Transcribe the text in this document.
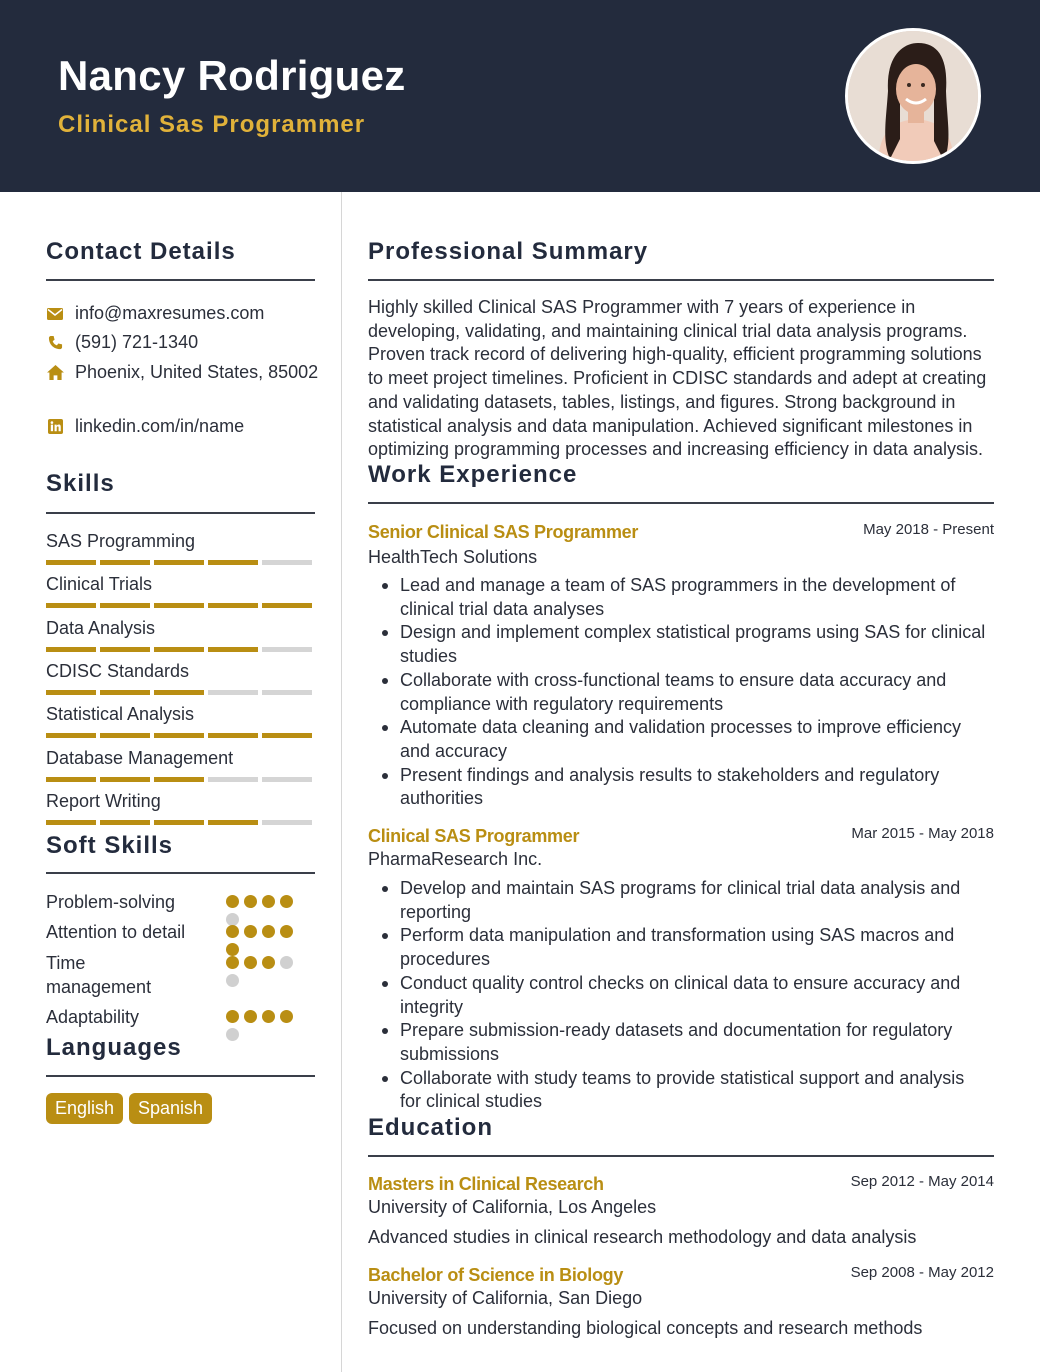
Nancy Rodriguez
Clinical Sas Programmer
Contact Details
info@maxresumes.com
(591) 721-1340
Phoenix, United States, 85002
linkedin.com/in/name
Skills
SAS Programming
Clinical Trials
Data Analysis
CDISC Standards
Statistical Analysis
Database Management
Report Writing
Soft Skills
Problem-solving
Attention to detail
Time management
Adaptability
Languages
English	Spanish
Professional Summary
Highly skilled Clinical SAS Programmer with 7 years of experience in developing, validating, and maintaining clinical trial data analysis programs. Proven track record of delivering high-quality, efficient programming solutions to meet project timelines. Proficient in CDISC standards and adept at creating and validating datasets, tables, listings, and figures. Strong background in statistical analysis and data manipulation. Achieved significant milestones in optimizing programming processes and increasing efficiency in data analysis.
Work Experience
Senior Clinical SAS Programmer	May 2018 - Present
HealthTech Solutions
Lead and manage a team of SAS programmers in the development of clinical trial data analyses
Design and implement complex statistical programs using SAS for clinical studies
Collaborate with cross-functional teams to ensure data accuracy and compliance with regulatory requirements
Automate data cleaning and validation processes to improve efficiency and accuracy
Present findings and analysis results to stakeholders and regulatory authorities
Clinical SAS Programmer	Mar 2015 - May 2018
PharmaResearch Inc.
Develop and maintain SAS programs for clinical trial data analysis and reporting
Perform data manipulation and transformation using SAS macros and procedures
Conduct quality control checks on clinical data to ensure accuracy and integrity
Prepare submission-ready datasets and documentation for regulatory submissions
Collaborate with study teams to provide statistical support and analysis for clinical studies
Education
Masters in Clinical Research	Sep 2012 - May 2014
University of California, Los Angeles
Advanced studies in clinical research methodology and data analysis
Bachelor of Science in Biology	Sep 2008 - May 2012
University of California, San Diego
Focused on understanding biological concepts and research methods
